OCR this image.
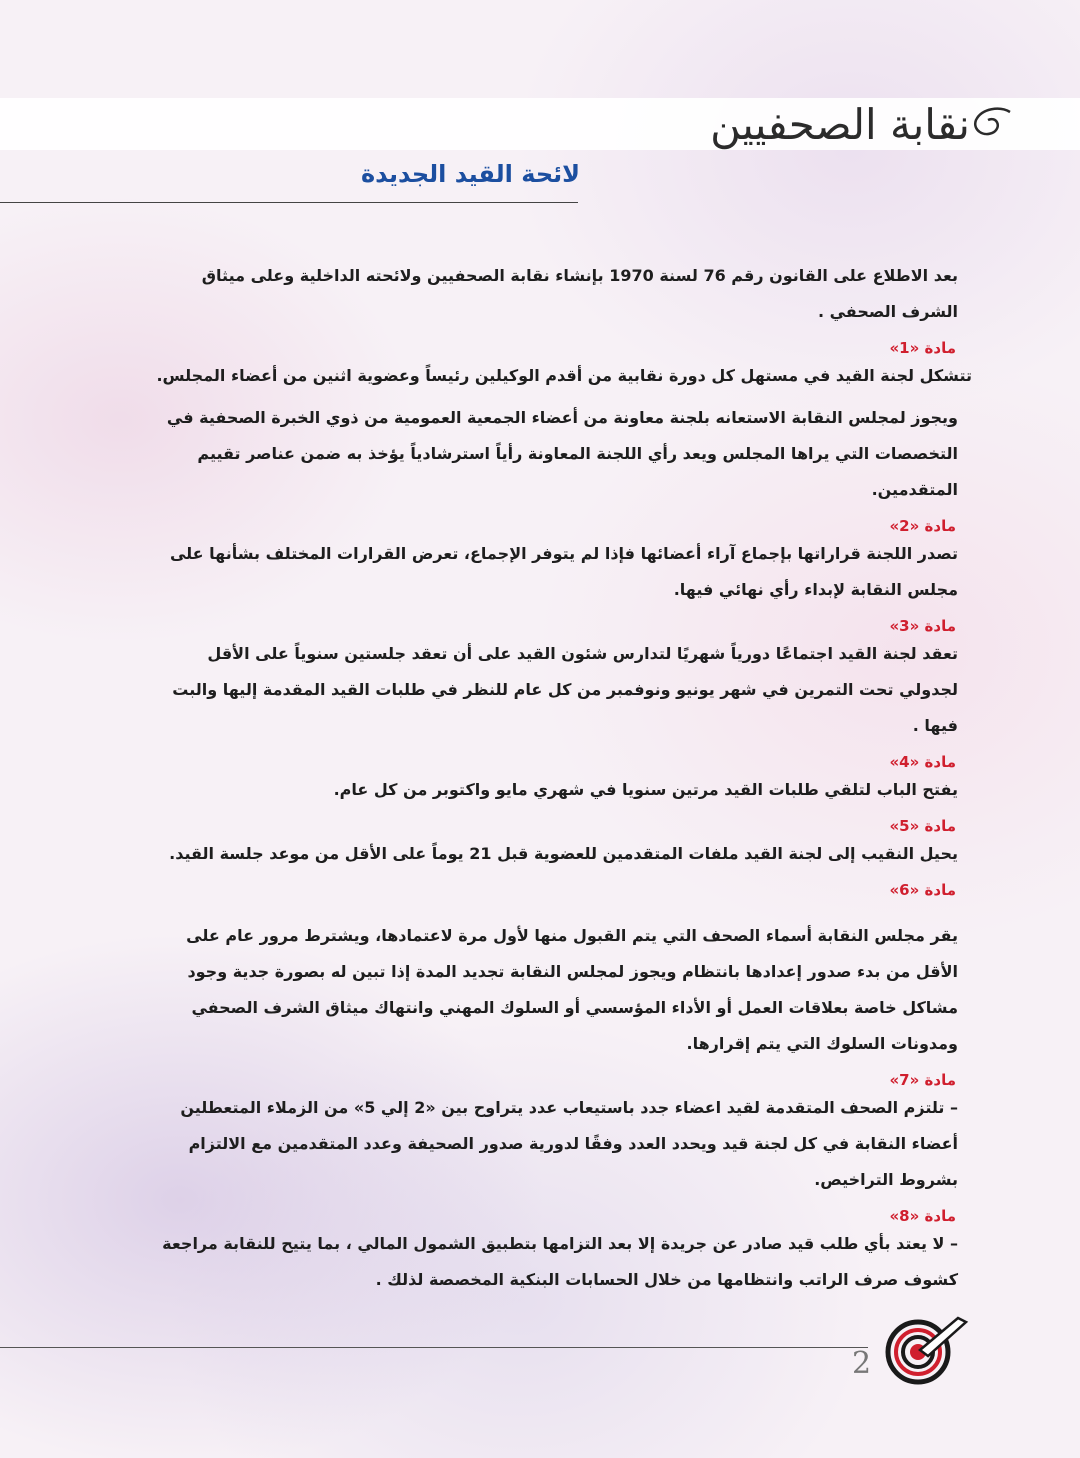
نقابة الصحفيين
لائحة القيد الجديدة

بعد الاطلاع على القانون رقم 76 لسنة 1970 بإنشاء نقابة الصحفيين ولائحته الداخلية وعلى ميثاق الشرف الصحفي .

مادة «1»

تتشكل لجنة القيد في مستهل كل دورة نقابية من أقدم الوكيلين رئيساً وعضوية اثنين من أعضاء المجلس.

ويجوز لمجلس النقابة الاستعانه بلجنة معاونة من أعضاء الجمعية العمومية من ذوي الخبرة الصحفية في التخصصات التي يراها المجلس ويعد رأي اللجنة المعاونة رأياً استرشادياً يؤخذ به ضمن عناصر تقييم المتقدمين.

مادة «2»

تصدر اللجنة قراراتها بإجماع آراء أعضائها فإذا لم يتوفر الإجماع، تعرض القرارات المختلف بشأنها على مجلس النقابة لإبداء رأي نهائي فيها.

مادة «3»

تعقد لجنة القيد اجتماعًا دورياً شهريًا لتدارس شئون القيد على أن تعقد جلستين سنوياً على الأقل لجدولي تحت التمرين في شهر يونيو ونوفمبر من كل عام للنظر في طلبات القيد المقدمة إليها والبت فيها .

مادة «4»

يفتح الباب لتلقي طلبات القيد مرتين سنويا في شهري مايو واكتوبر من كل عام.

مادة «5»

يحيل النقيب إلى لجنة القيد ملفات المتقدمين للعضوية قبل 21 يوماً على الأقل من موعد جلسة القيد.

مادة «6»

يقر مجلس النقابة أسماء الصحف التي يتم القبول منها لأول مرة لاعتمادها، ويشترط مرور عام على الأقل من بدء صدور إعدادها بانتظام ويجوز لمجلس النقابة تجديد المدة إذا تبين له بصورة جدية وجود مشاكل خاصة بعلاقات العمل أو الأداء المؤسسي أو السلوك المهني وانتهاك ميثاق الشرف الصحفي ومدونات السلوك التي يتم إقرارها.

مادة «7»

– تلتزم الصحف المتقدمة لقيد اعضاء جدد باستيعاب عدد يتراوح بين «2 إلي 5» من الزملاء المتعطلين أعضاء النقابة في كل لجنة قيد ويحدد العدد وفقًا لدورية صدور الصحيفة وعدد المتقدمين مع الالتزام بشروط التراخيص.

مادة «8»

– لا يعتد بأي طلب قيد صادر عن جريدة إلا بعد التزامها بتطبيق الشمول المالي ، بما يتيح للنقابة مراجعة كشوف صرف الراتب وانتظامها من خلال الحسابات البنكية المخصصة لذلك .

2
